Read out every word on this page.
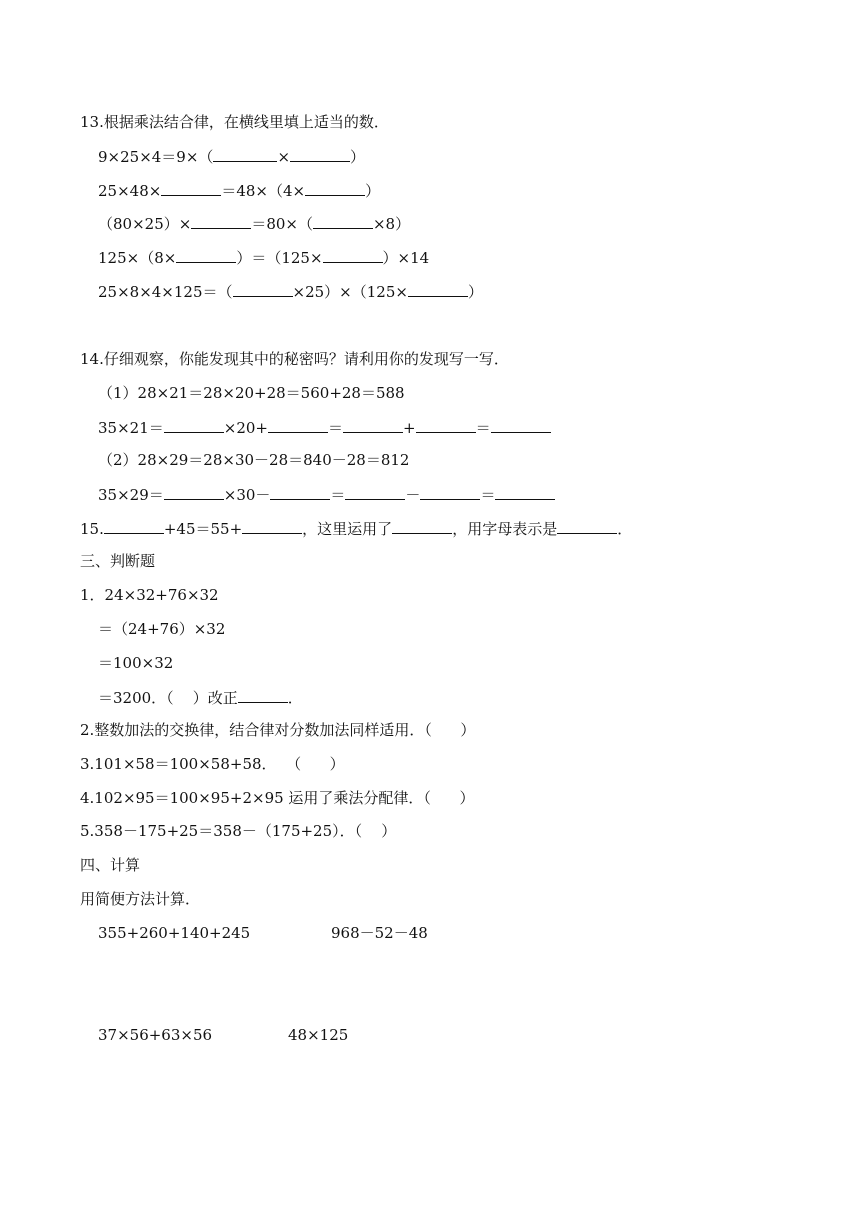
13.根据乘法结合律，在横线里填上适当的数．
9×25×4＝9×（	×	）
25×48×	＝48×（4×	）
（80×25）×	＝80×（	×8）
125×（8×	）＝（125×	）×14
25×8×4×125＝（	×25）×（125×	）
14.仔细观察，你能发现其中的秘密吗？请利用你的发现写一写．
（1）28×21＝28×20+28＝560+28＝588
35×21＝	×20+	＝	+	＝
（2）28×29＝28×30－28＝840－28＝812
35×29＝	×30－	＝	－	＝
15.	+45＝55+	，这里运用了	，用字母表示是	．
三、判断题
1．24×32+76×32
＝（24+76）×32
＝100×32
＝3200．（    ）改正	．
2.整数加法的交换律，结合律对分数加法同样适用．（      ）
3.101×58＝100×58+58．  （      ）
4.102×95＝100×95+2×95 运用了乘法分配律．（      ）
5.358－175+25＝358－（175+25）．（    ）
四、计算
用简便方法计算．
355+260+140+245	968－52－48
37×56+63×56	48×125
